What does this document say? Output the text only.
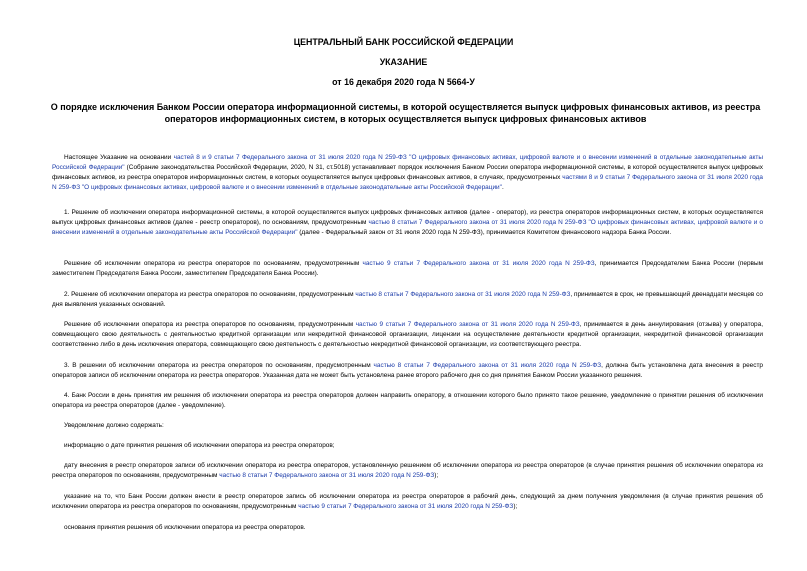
ЦЕНТРАЛЬНЫЙ БАНК РОССИЙСКОЙ ФЕДЕРАЦИИ
УКАЗАНИЕ
от 16 декабря 2020 года N 5664-У
О порядке исключения Банком России оператора информационной системы, в которой осуществляется выпуск цифровых финансовых активов, из реестра операторов информационных систем, в которых осуществляется выпуск цифровых финансовых активов
Настоящее Указание на основании частей 8 и 9 статьи 7 Федерального закона от 31 июля 2020 года N 259-ФЗ "О цифровых финансовых активах, цифровой валюте и о внесении изменений в отдельные законодательные акты Российской Федерации" (Собрание законодательства Российской Федерации, 2020, N 31, ст.5018) устанавливает порядок исключения Банком России оператора информационной системы, в которой осуществляется выпуск цифровых финансовых активов, из реестра операторов информационных систем, в которых осуществляется выпуск цифровых финансовых активов, в случаях, предусмотренных частями 8 и 9 статьи 7 Федерального закона от 31 июля 2020 года N 259-ФЗ "О цифровых финансовых активах, цифровой валюте и о внесении изменений в отдельные законодательные акты Российской Федерации".
1. Решение об исключении оператора информационной системы, в которой осуществляется выпуск цифровых финансовых активов (далее - оператор), из реестра операторов информационных систем, в которых осуществляется выпуск цифровых финансовых активов (далее - реестр операторов), по основаниям, предусмотренным частью 8 статьи 7 Федерального закона от 31 июля 2020 года N 259-ФЗ "О цифровых финансовых активах, цифровой валюте и о внесении изменений в отдельные законодательные акты Российской Федерации" (далее - Федеральный закон от 31 июля 2020 года N 259-ФЗ), принимается Комитетом финансового надзора Банка России.
Решение об исключении оператора из реестра операторов по основаниям, предусмотренным частью 9 статьи 7 Федерального закона от 31 июля 2020 года N 259-ФЗ, принимается Председателем Банка России (первым заместителем Председателя Банка России, заместителем Председателя Банка России).
2. Решение об исключении оператора из реестра операторов по основаниям, предусмотренным частью 8 статьи 7 Федерального закона от 31 июля 2020 года N 259-ФЗ, принимается в срок, не превышающий двенадцати месяцев со дня выявления указанных оснований.
Решение об исключении оператора из реестра операторов по основаниям, предусмотренным частью 9 статьи 7 Федерального закона от 31 июля 2020 года N 259-ФЗ, принимается в день аннулирования (отзыва) у оператора, совмещающего свою деятельность с деятельностью кредитной организации или некредитной финансовой организации, лицензии на осуществление деятельности кредитной организации, некредитной финансовой организации соответственно либо в день исключения оператора, совмещающего свою деятельность с деятельностью некредитной финансовой организации, из соответствующего реестра.
3. В решении об исключении оператора из реестра операторов по основаниям, предусмотренным частью 8 статьи 7 Федерального закона от 31 июля 2020 года N 259-ФЗ, должна быть установлена дата внесения в реестр операторов записи об исключении оператора из реестра операторов. Указанная дата не может быть установлена ранее второго рабочего дня со дня принятия Банком России указанного решения.
4. Банк России в день принятия им решения об исключении оператора из реестра операторов должен направить оператору, в отношении которого было принято такое решение, уведомление о принятии решения об исключении оператора из реестра операторов (далее - уведомление).
Уведомление должно содержать:
информацию о дате принятия решения об исключении оператора из реестра операторов;
дату внесения в реестр операторов записи об исключении оператора из реестра операторов, установленную решением об исключении оператора из реестра операторов (в случае принятия решения об исключении оператора из реестра операторов по основаниям, предусмотренным частью 8 статьи 7 Федерального закона от 31 июля 2020 года N 259-ФЗ);
указание на то, что Банк России должен внести в реестр операторов запись об исключении оператора из реестра операторов в рабочий день, следующий за днем получения уведомления (в случае принятия решения об исключении оператора из реестра операторов по основаниям, предусмотренным частью 9 статьи 7 Федерального закона от 31 июля 2020 года N 259-ФЗ);
основания принятия решения об исключении оператора из реестра операторов.
